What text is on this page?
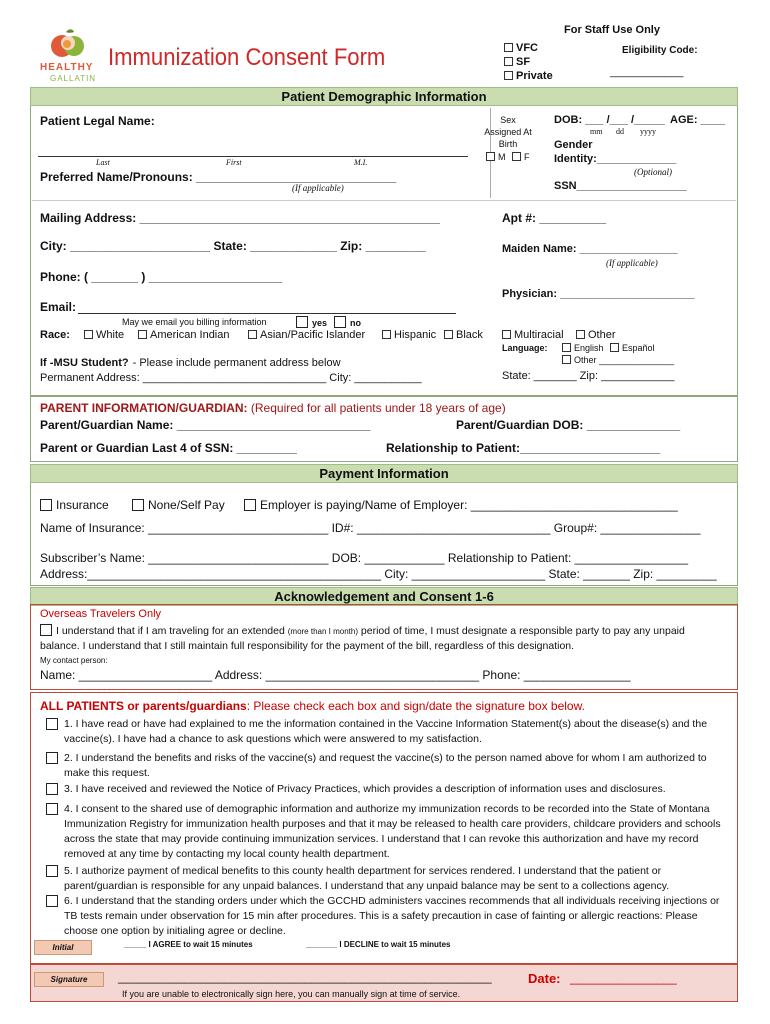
HEALTHY
GALLATIN
Immunization Consent Form
For Staff Use Only
VFC
SF
Private
Eligibility Code:
____________
Patient Demographic Information
Patient Legal Name:
Last	First	M.I.
Sex Assigned At Birth
M	F
DOB: ___ /___ /_____ AGE: ____
mm dd yyyy
Gender
Identity:_____________
(Optional)
SSN__________________
Preferred Name/Pronouns: ______________________________
(If applicable)
Mailing Address: _____________________________________________	Apt #: __________
City: _____________________ State: _____________ Zip: _________	Maiden Name: ________________
(If applicable)
Phone: ( _______ ) ____________________
Physician: ______________________
Email:
May we email you billing information	yes	no
Race:	White	American Indian	Asian/Pacific Islander	Hispanic	Black	Multiracial	Other
Language:	English	Español
Other _______________
If -MSU Student? - Please include permanent address below
Permanent Address: ______________________________ City: ___________	State: _______ Zip: ____________
PARENT INFORMATION/GUARDIAN: (Required for all patients under 18 years of age)
Parent/Guardian Name: _____________________________	Parent/Guardian DOB: ______________
Parent or Guardian Last 4 of SSN: _________	Relationship to Patient:_____________________
Payment Information
Insurance	None/Self Pay	Employer is paying/Name of Employer: _______________________________
Name of Insurance: ___________________________ ID#: _____________________________ Group#: _______________
Subscriber’s Name: ___________________________ DOB: ____________ Relationship to Patient: _________________
Address:____________________________________________ City: ____________________ State: _______ Zip: _________
Acknowledgement and Consent 1-6
Overseas Travelers Only
I understand that if I am traveling for an extended (more than I month) period of time, I must designate a responsible party to pay any unpaid balance. I understand that I still maintain full responsibility for the payment of the bill, regardless of this designation.
My contact person:
Name: ____________________ Address: ________________________________ Phone: ________________
ALL PATIENTS or parents/guardians: Please check each box and sign/date the signature box below.
1. I have read or have had explained to me the information contained in the Vaccine Information Statement(s) about the disease(s) and the vaccine(s). I have had a chance to ask questions which were answered to my satisfaction.
2. I understand the benefits and risks of the vaccine(s) and request the vaccine(s) to the person named above for whom I am authorized to make this request.
3. I have received and reviewed the Notice of Privacy Practices, which provides a description of information uses and disclosures.
4. I consent to the shared use of demographic information and authorize my immunization records to be recorded into the State of Montana Immunization Registry for immunization health purposes and that it may be released to health care providers, childcare providers and schools across the state that may provide continuing immunization services. I understand that I can revoke this authorization and have my record removed at any time by contacting my local county health department.
5. I authorize payment of medical benefits to this county health department for services rendered. I understand that the patient or parent/guardian is responsible for any unpaid balances. I understand that any unpaid balance may be sent to a collections agency.
6. I understand that the standing orders under which the GCCHD administers vaccines recommends that all individuals receiving injections or TB tests remain under observation for 15 min after procedures. This is a safety precaution in case of fainting or allergic reactions: Please choose one option by initialing agree or decline.
Initial	_____ I AGREE to wait 15 minutes	_______ I DECLINE to wait 15 minutes
Signature	________________________________________________________	Date: ________________
If you are unable to electronically sign here, you can manually sign at time of service.
